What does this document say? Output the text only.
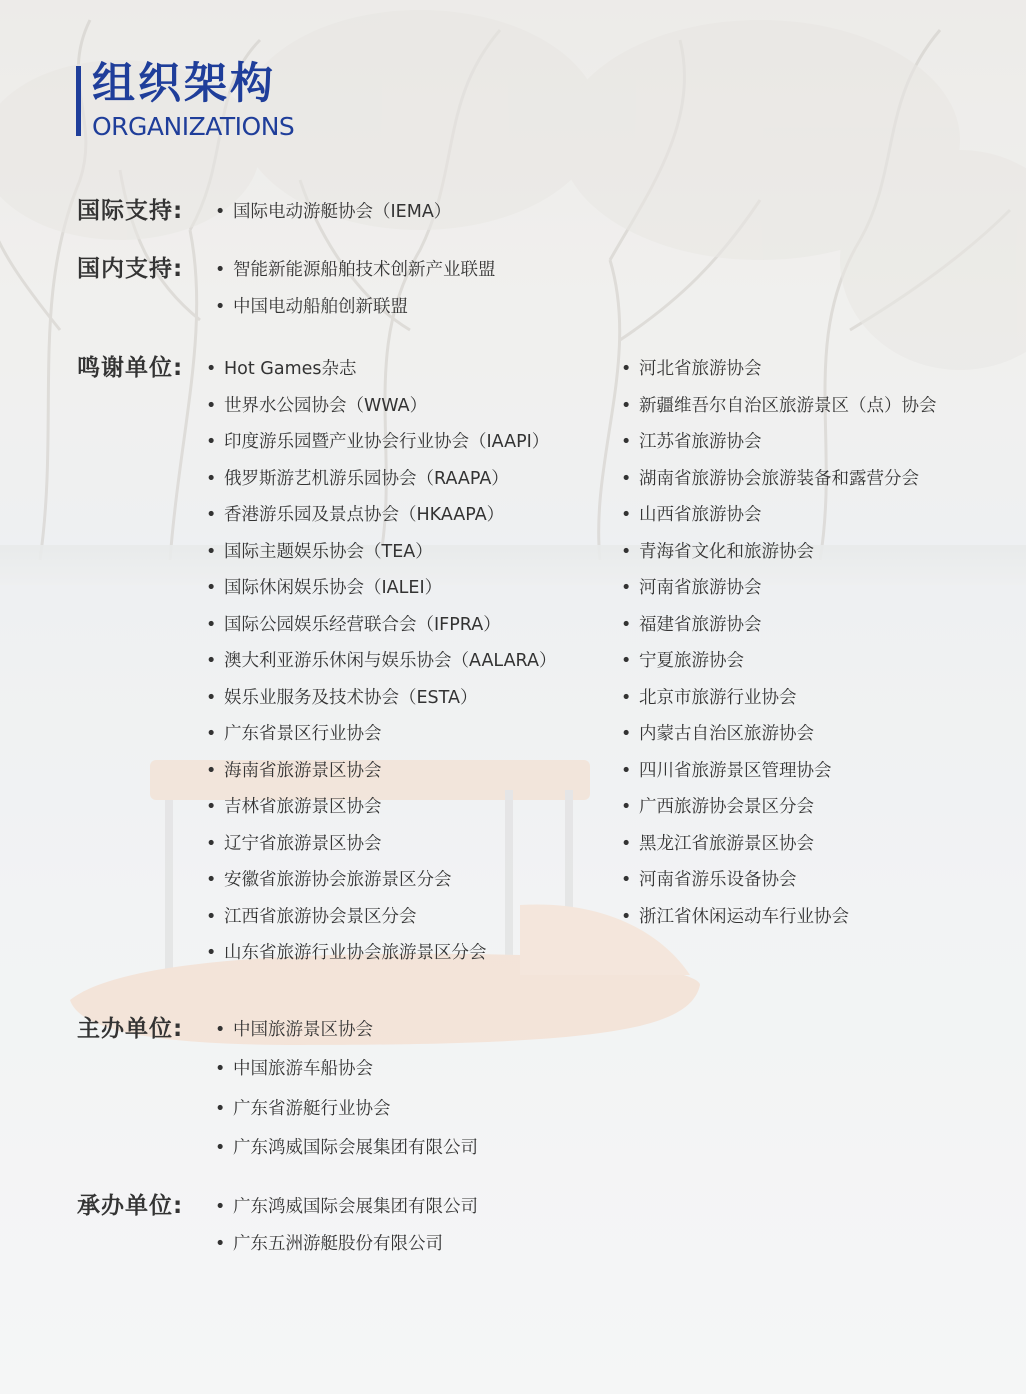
组织架构
ORGANIZATIONS
国际支持:	• 国际电动游艇协会（IEMA）
国内支持:	• 智能新能源船舶技术创新产业联盟
• 中国电动船舶创新联盟
鸣谢单位:	• Hot Games杂志
• 世界水公园协会（WWA）
• 印度游乐园暨产业协会行业协会（IAAPI）
• 俄罗斯游艺机游乐园协会（RAAPA）
• 香港游乐园及景点协会（HKAAPA）
• 国际主题娱乐协会（TEA）
• 国际休闲娱乐协会（IALEI）
• 国际公园娱乐经营联合会（IFPRA）
• 澳大利亚游乐休闲与娱乐协会（AALARA）
• 娱乐业服务及技术协会（ESTA）
• 广东省景区行业协会
• 海南省旅游景区协会
• 吉林省旅游景区协会
• 辽宁省旅游景区协会
• 安徽省旅游协会旅游景区分会
• 江西省旅游协会景区分会
• 山东省旅游行业协会旅游景区分会
• 河北省旅游协会
• 新疆维吾尔自治区旅游景区（点）协会
• 江苏省旅游协会
• 湖南省旅游协会旅游装备和露营分会
• 山西省旅游协会
• 青海省文化和旅游协会
• 河南省旅游协会
• 福建省旅游协会
• 宁夏旅游协会
• 北京市旅游行业协会
• 内蒙古自治区旅游协会
• 四川省旅游景区管理协会
• 广西旅游协会景区分会
• 黑龙江省旅游景区协会
• 河南省游乐设备协会
• 浙江省休闲运动车行业协会
主办单位:	• 中国旅游景区协会
• 中国旅游车船协会
• 广东省游艇行业协会
• 广东鸿威国际会展集团有限公司
承办单位:	• 广东鸿威国际会展集团有限公司
• 广东五洲游艇股份有限公司
